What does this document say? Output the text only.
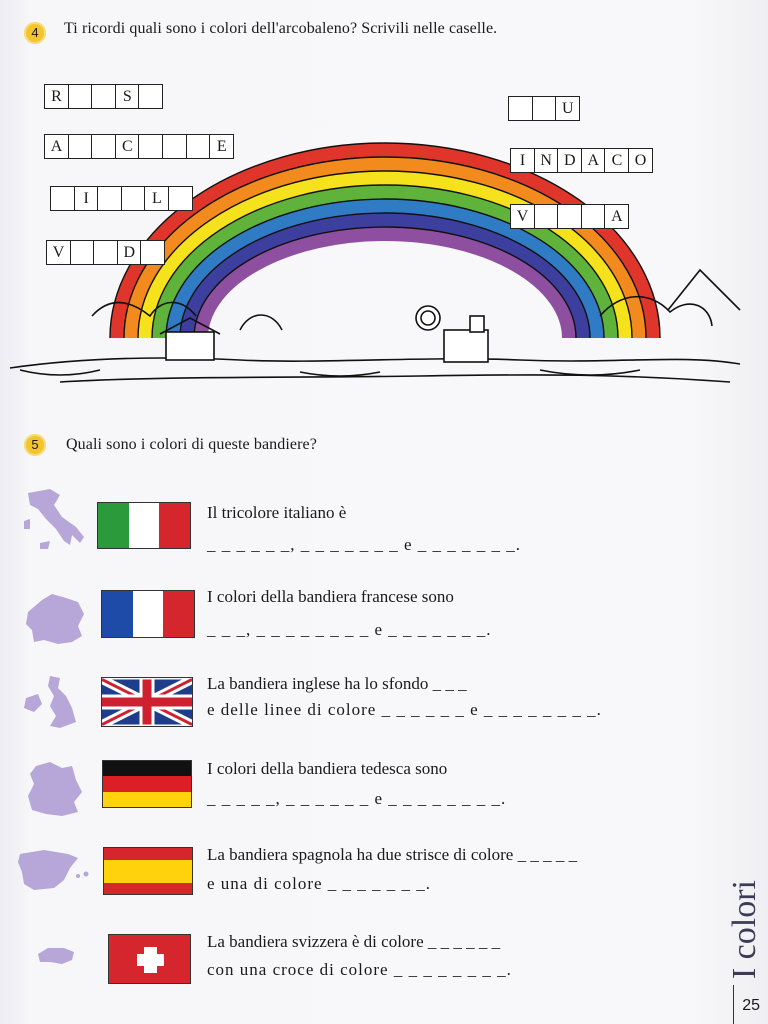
4	Ti ricordi quali sono i colori dell'arcobaleno? Scrivili nelle caselle.
R	S
A	C	E
I	L
V	D
U
I N D A C O
V	A
5	Quali sono i colori di queste bandiere?
Il tricolore italiano è
_ _ _ _ _ _, _ _ _ _ _ _ _ e _ _ _ _ _ _ _.
I colori della bandiera francese sono
_ _ _, _ _ _ _ _ _ _ _ e _ _ _ _ _ _ _.
La bandiera inglese ha lo sfondo _ _ _
e delle linee di colore _ _ _ _ _ _ e _ _ _ _ _ _ _ _.
I colori della bandiera tedesca sono
_ _ _ _ _, _ _ _ _ _ _ e _ _ _ _ _ _ _ _.
La bandiera spagnola ha due strisce di colore _ _ _ _ _
e una di colore _ _ _ _ _ _ _.
La bandiera svizzera è di colore _ _ _ _ _ _
con una croce di colore _ _ _ _ _ _ _ _.	I colori
25
